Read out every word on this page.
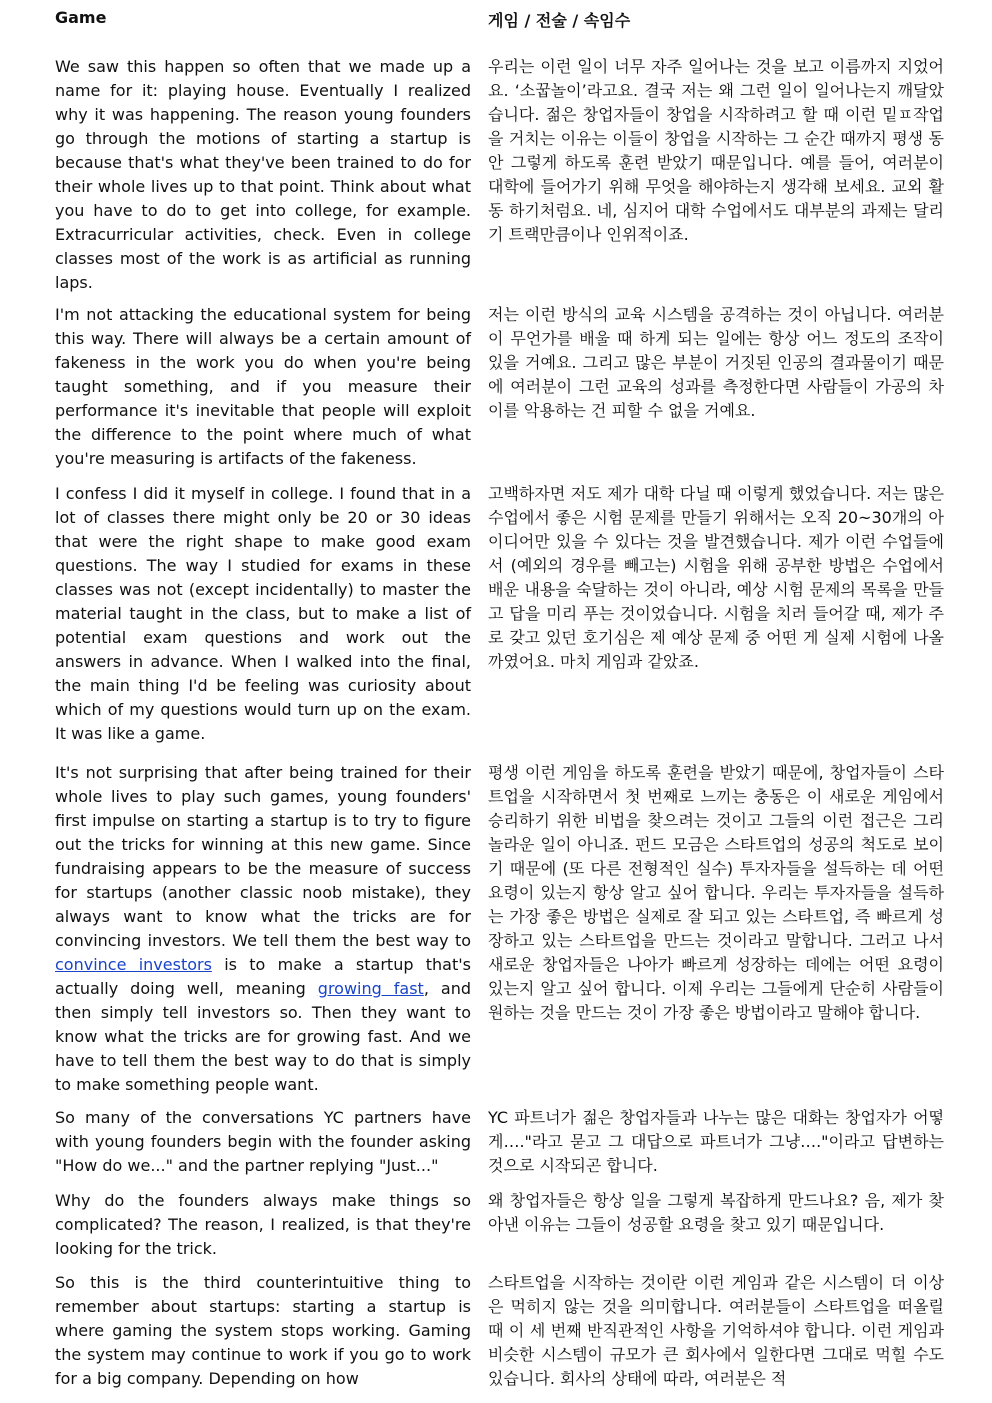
Game	게임 / 전술 / 속임수
We saw this happen so often that we made up a name for it: playing house. Eventually I realized why it was happening. The reason young founders go through the motions of starting a startup is because that's what they've been trained to do for their whole lives up to that point. Think about what you have to do to get into college, for example. Extracurricular activities, check. Even in college classes most of the work is as artificial as running laps.
우리는 이런 일이 너무 자주 일어나는 것을 보고 이름까지 지었어요. ‘소꿉놀이’라고요. 결국 저는 왜 그런 일이 일어나는지 깨달았습니다. 젊은 창업자들이 창업을 시작하려고 할 때 이런 밑ㅍ작업을 거치는 이유는 이들이 창업을 시작하는 그 순간 때까지 평생 동안 그렇게 하도록 훈련 받았기 때문입니다. 예를 들어, 여러분이 대학에 들어가기 위해 무엇을 해야하는지 생각해 보세요. 교외 활동 하기처럼요. 네, 심지어 대학 수업에서도 대부분의 과제는 달리기 트랙만큼이나 인위적이죠.
I'm not attacking the educational system for being this way. There will always be a certain amount of fakeness in the work you do when you're being taught something, and if you measure their performance it's inevitable that people will exploit the difference to the point where much of what you're measuring is artifacts of the fakeness.
저는 이런 방식의 교육 시스템을 공격하는 것이 아닙니다. 여러분이 무언가를 배울 때 하게 되는 일에는 항상 어느 정도의 조작이 있을 거예요. 그리고 많은 부분이 거짓된 인공의 결과물이기 때문에 여러분이 그런 교육의 성과를 측정한다면 사람들이 가공의 차이를 악용하는 건 피할 수 없을 거예요.
I confess I did it myself in college. I found that in a lot of classes there might only be 20 or 30 ideas that were the right shape to make good exam questions. The way I studied for exams in these classes was not (except incidentally) to master the material taught in the class, but to make a list of potential exam questions and work out the answers in advance. When I walked into the final, the main thing I'd be feeling was curiosity about which of my questions would turn up on the exam. It was like a game.
고백하자면 저도 제가 대학 다닐 때 이렇게 했었습니다. 저는 많은 수업에서 좋은 시험 문제를 만들기 위해서는 오직 20~30개의 아이디어만 있을 수 있다는 것을 발견했습니다. 제가 이런 수업들에서 (예외의 경우를 빼고는) 시험을 위해 공부한 방법은 수업에서 배운 내용을 숙달하는 것이 아니라, 예상 시험 문제의 목록을 만들고 답을 미리 푸는 것이었습니다. 시험을 치러 들어갈 때, 제가 주로 갖고 있던 호기심은 제 예상 문제 중 어떤 게 실제 시험에 나올까였어요. 마치 게임과 같았죠.
It's not surprising that after being trained for their whole lives to play such games, young founders' first impulse on starting a startup is to try to figure out the tricks for winning at this new game. Since fundraising appears to be the measure of success for startups (another classic noob mistake), they always want to know what the tricks are for convincing investors. We tell them the best way to convince investors is to make a startup that's actually doing well, meaning growing fast, and then simply tell investors so. Then they want to know what the tricks are for growing fast. And we have to tell them the best way to do that is simply to make something people want.
평생 이런 게임을 하도록 훈련을 받았기 때문에, 창업자들이 스타트업을 시작하면서 첫 번째로 느끼는 충동은 이 새로운 게임에서 승리하기 위한 비법을 찾으려는 것이고 그들의 이런 접근은 그리 놀라운 일이 아니죠. 펀드 모금은 스타트업의 성공의 척도로 보이기 때문에 (또 다른 전형적인 실수) 투자자들을 설득하는 데 어떤 요령이 있는지 항상 알고 싶어 합니다. 우리는 투자자들을 설득하는 가장 좋은 방법은 실제로 잘 되고 있는 스타트업, 즉 빠르게 성장하고 있는 스타트업을 만드는 것이라고 말합니다. 그러고 나서 새로운 창업자들은 나아가 빠르게 성장하는 데에는 어떤 요령이 있는지 알고 싶어 합니다. 이제 우리는 그들에게 단순히 사람들이 원하는 것을 만드는 것이 가장 좋은 방법이라고 말해야 합니다.
So many of the conversations YC partners have with young founders begin with the founder asking "How do we..." and the partner replying "Just..."
YC 파트너가 젊은 창업자들과 나누는 많은 대화는 창업자가 어떻게…."라고 묻고 그 대답으로 파트너가 그냥…."이라고 답변하는 것으로 시작되곤 합니다.
Why do the founders always make things so complicated? The reason, I realized, is that they're looking for the trick.
왜 창업자들은 항상 일을 그렇게 복잡하게 만드나요? 음, 제가 찾아낸 이유는 그들이 성공할 요령을 찾고 있기 때문입니다.
So this is the third counterintuitive thing to remember about startups: starting a startup is where gaming the system stops working. Gaming the system may continue to work if you go to work for a big company. Depending on how
스타트업을 시작하는 것이란 이런 게임과 같은 시스템이 더 이상은 먹히지 않는 것을 의미합니다. 여러분들이 스타트업을 떠올릴 때 이 세 번째 반직관적인 사항을 기억하셔야 합니다. 이런 게임과 비슷한 시스템이 규모가 큰 회사에서 일한다면 그대로 먹힐 수도 있습니다. 회사의 상태에 따라, 여러분은 적
